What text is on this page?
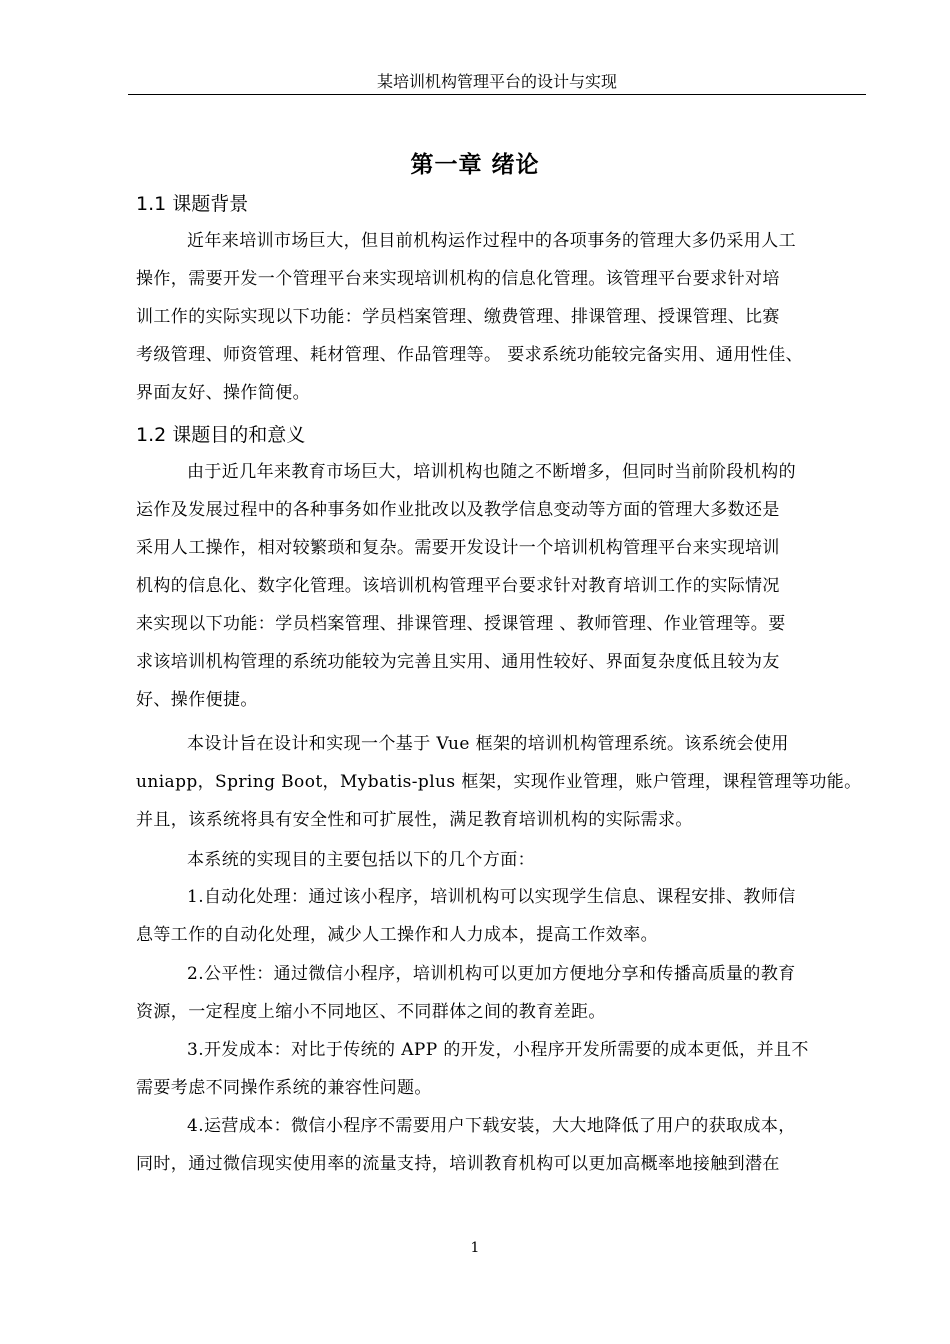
某培训机构管理平台的设计与实现
第一章 绪论
1.1 课题背景
近年来培训市场巨大，但目前机构运作过程中的各项事务的管理大多仍采用人工
操作，需要开发一个管理平台来实现培训机构的信息化管理。该管理平台要求针对培
训工作的实际实现以下功能：学员档案管理、缴费管理、排课管理、授课管理、比赛
考级管理、师资管理、耗材管理、作品管理等。 要求系统功能较完备实用、通用性佳、
界面友好、操作简便。
1.2 课题目的和意义
由于近几年来教育市场巨大，培训机构也随之不断增多，但同时当前阶段机构的
运作及发展过程中的各种事务如作业批改以及教学信息变动等方面的管理大多数还是
采用人工操作，相对较繁琐和复杂。需要开发设计一个培训机构管理平台来实现培训
机构的信息化、数字化管理。该培训机构管理平台要求针对教育培训工作的实际情况
来实现以下功能：学员档案管理、排课管理、授课管理 、教师管理、作业管理等。要
求该培训机构管理的系统功能较为完善且实用、通用性较好、界面复杂度低且较为友
好、操作便捷。
本设计旨在设计和实现一个基于 Vue 框架的培训机构管理系统。该系统会使用
uniapp，Spring Boot，Mybatis-plus 框架，实现作业管理，账户管理，课程管理等功能。
并且，该系统将具有安全性和可扩展性，满足教育培训机构的实际需求。
本系统的实现目的主要包括以下的几个方面：
1.自动化处理：通过该小程序，培训机构可以实现学生信息、课程安排、教师信
息等工作的自动化处理，减少人工操作和人力成本，提高工作效率。
2.公平性：通过微信小程序，培训机构可以更加方便地分享和传播高质量的教育
资源，一定程度上缩小不同地区、不同群体之间的教育差距。
3.开发成本：对比于传统的 APP 的开发，小程序开发所需要的成本更低，并且不
需要考虑不同操作系统的兼容性问题。
4.运营成本：微信小程序不需要用户下载安装，大大地降低了用户的获取成本，
同时，通过微信现实使用率的流量支持，培训教育机构可以更加高概率地接触到潜在
1
